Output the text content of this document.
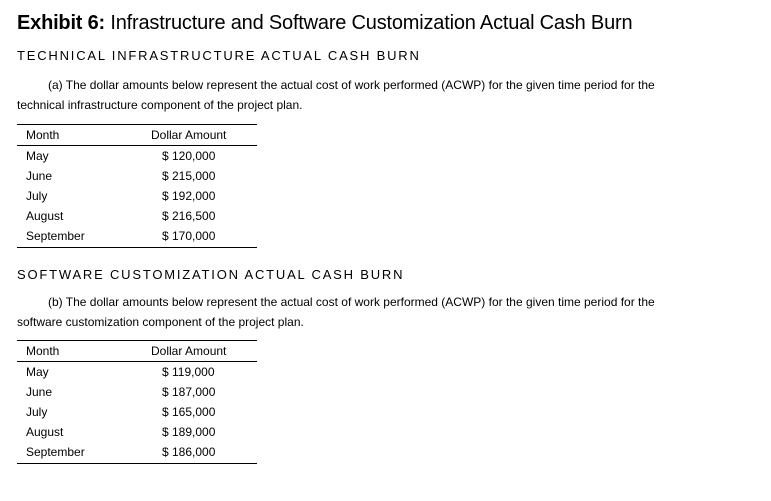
Exhibit 6: Infrastructure and Software Customization Actual Cash Burn
TECHNICAL INFRASTRUCTURE ACTUAL CASH BURN
(a) The dollar amounts below represent the actual cost of work performed (ACWP) for the given time period for the
technical infrastructure component of the project plan.
Month	Dollar Amount
May	$ 120,000
June	$ 215,000
July	$ 192,000
August	$ 216,500
September	$ 170,000
SOFTWARE CUSTOMIZATION ACTUAL CASH BURN
(b) The dollar amounts below represent the actual cost of work performed (ACWP) for the given time period for the
software customization component of the project plan.
Month	Dollar Amount
May	$ 119,000
June	$ 187,000
July	$ 165,000
August	$ 189,000
September	$ 186,000
